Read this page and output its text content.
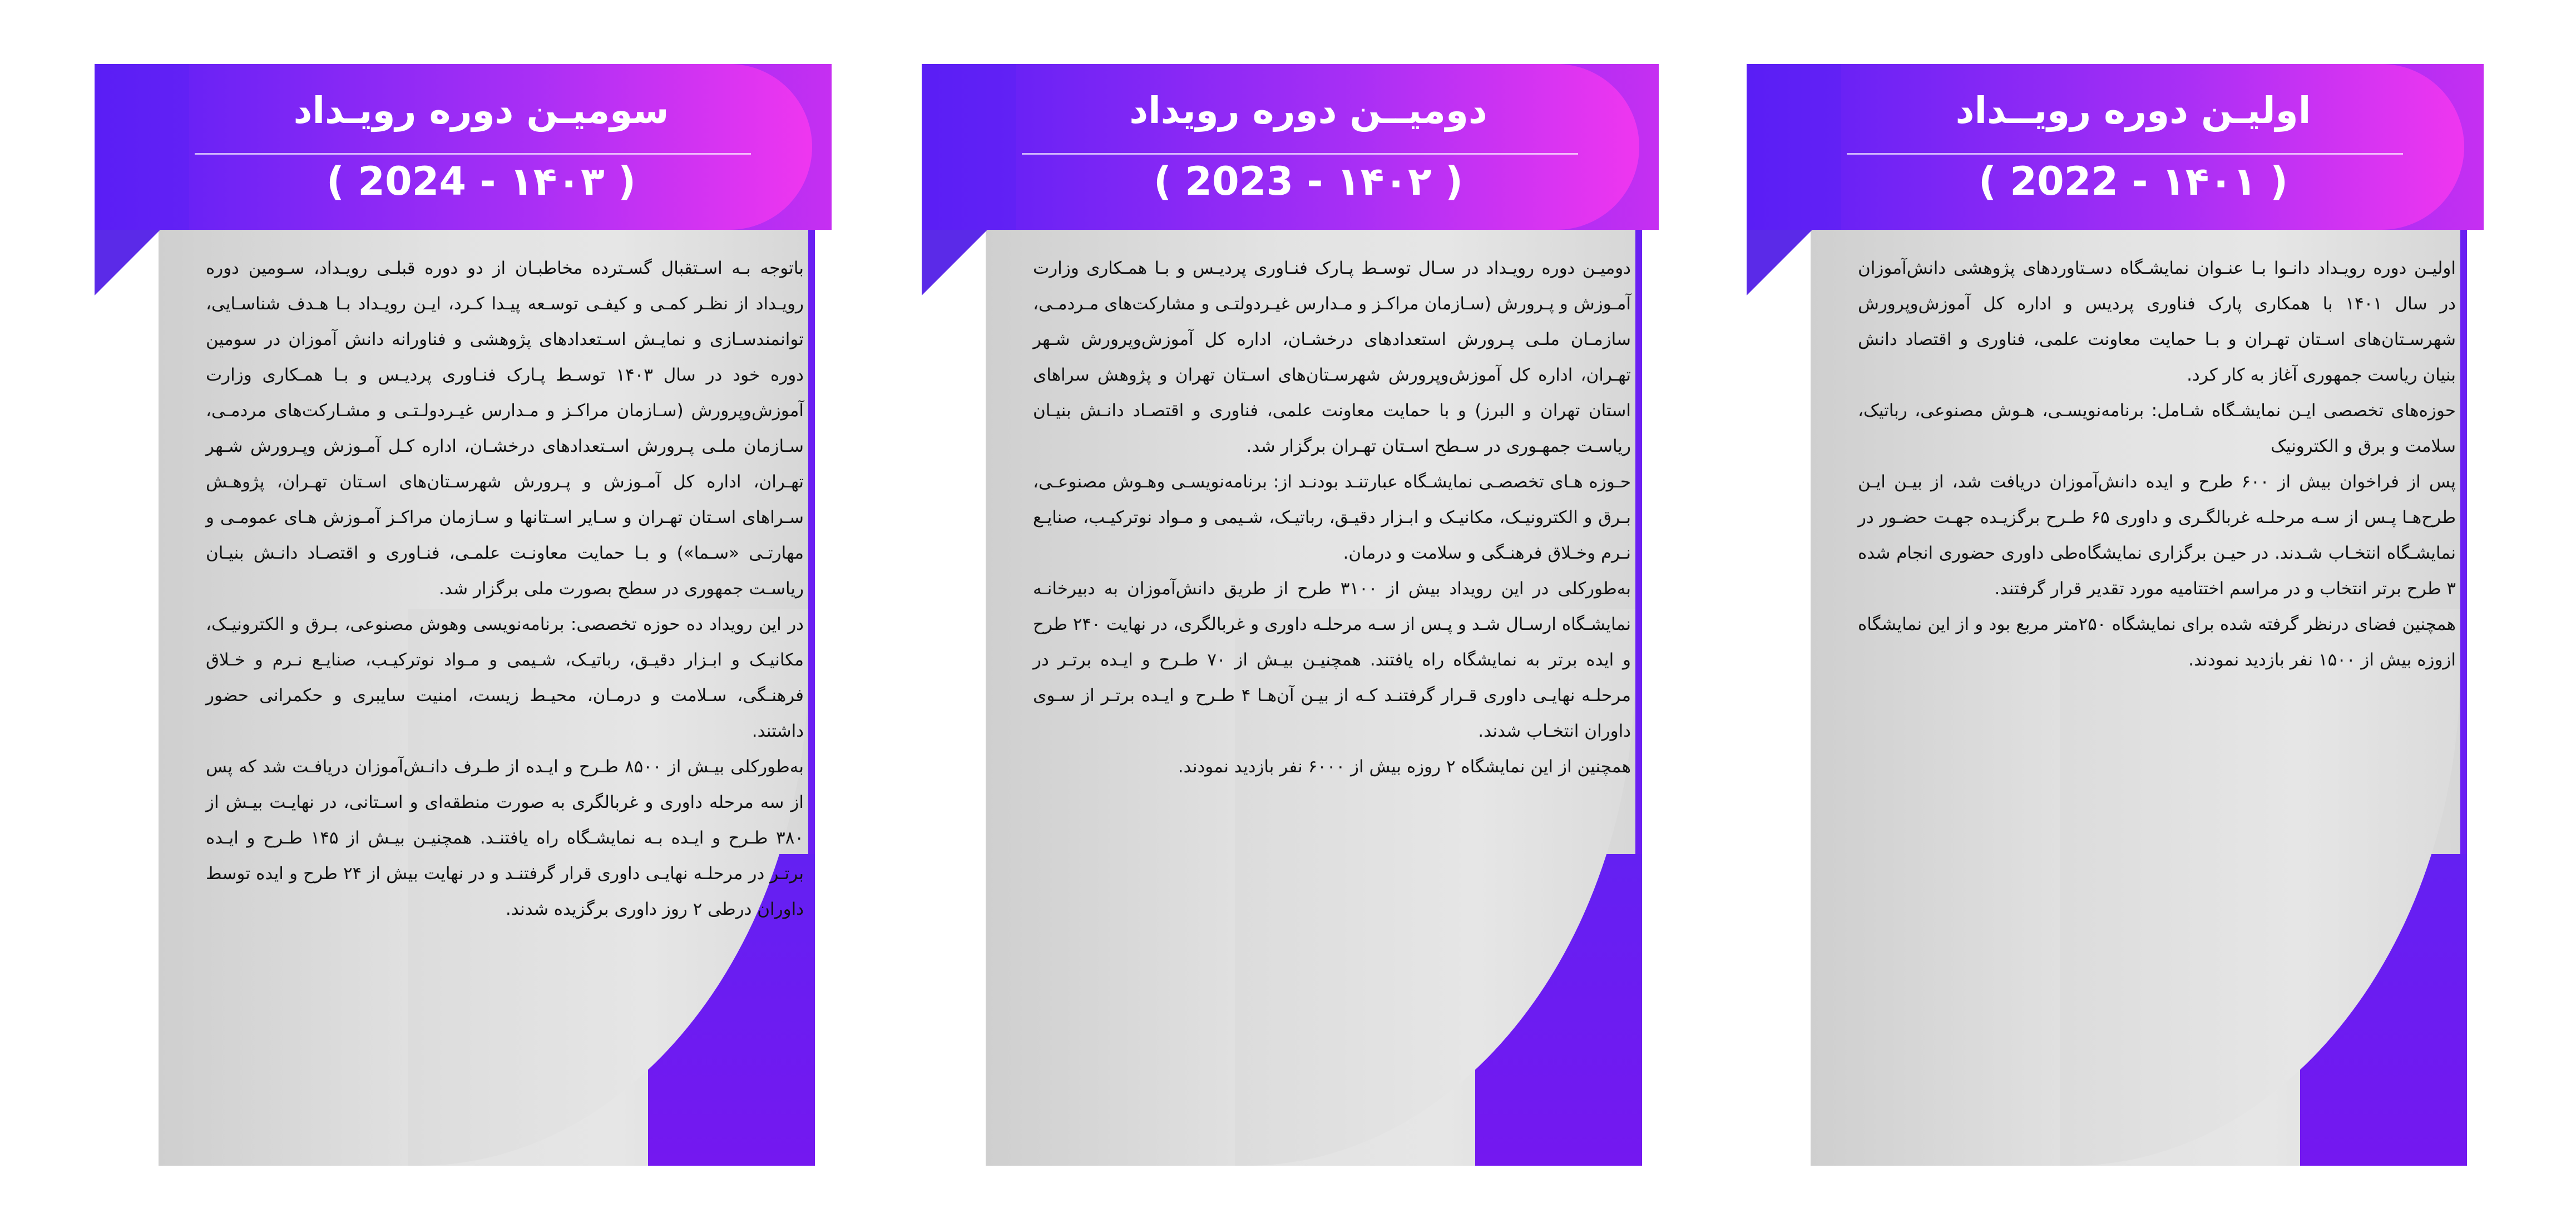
سومیـن دوره رویـداد
( 2024 - ۱۴۰۳ )

باتوجه بـه اسـتقبال گسـترده مخاطبـان از دو دوره قبلـی رویـداد، سـومین دوره رویـداد از نظـر کمـی و کیفـی توسـعه پیـدا کـرد، ایـن رویـداد بـا هـدف شناسـایی، توانمندسـازی و نمایـش اسـتعدادهای پژوهشی و فناورانه دانش آموزان در سومین دوره خود در سال ۱۴۰۳ توسـط پـارک فنـاوری پردیـس و بـا همـکاری وزارت آموزش‌وپرورش (سـازمان مراکـز و مـدارس غیـردولـتـی و مشـارکت‌های مردمـی، سـازمان ملـی پـرورش اسـتعدادهای درخشـان، اداره کـل آمـوزش وپـرورش شـهر تهـران، اداره کل آمـوزش و پـرورش شهرسـتان‌های اسـتان تهـران، پژوهـش سـراهای اسـتان تهـران و سـایر اسـتانها و سـازمان مراکـز آمـوزش هـای عمومـی و مهارتـی «سـما») و بـا حمایت معاونـت علمـی، فنـاوری و اقتصـاد دانـش بنیـان ریاسـت جمهوری در سطح بصورت ملی برگزار شد.

در این رویداد ده حوزه تخصصی: برنامه‌نویسی وهوش مصنوعی، بـرق و الکترونیـک، مکانیـک و ابـزار دقیـق، رباتیـک، شـیمی و مـواد نوترکیـب، صنایـع نـرم و خـلاق فرهنـگی، سـلامت و درمـان، محیـط زیست، امنیت سایبری و حکمرانی حضور داشتند.

به‌طورکلی بیـش از ۸۵۰۰ طـرح و ایـده از طـرف دانـش‌آموزان دریافـت شد که پس از سه مرحله داوری و غربالگری به صورت منطقه‌ای و اسـتانی، در نهایـت بیـش از ۳۸۰ طـرح و ایـده بـه نمایشـگاه راه یافتنـد. همچنیـن بیـش از ۱۴۵ طـرح و ایـده برتـر در مرحلـه نهایـی داوری قرار گرفتنـد و در نهایت بیش از ۲۴ طرح و ایده توسط داوران درطی ۲ روز داوری برگزیده شدند.

دومیــن دوره رویداد
( 2023 - ۱۴۰۲ )

دومیـن دوره رویـداد در سـال توسـط پـارک فنـاوری پردیـس و بـا همـکاری وزارت آمـوزش و پـرورش (سـازمان مراکـز و مـدارس غیـردولتـی و مشارکت‌های مـردمـی، سازمـان ملـی پـرورش استعدادهای درخشـان، اداره کل آموزش‌وپرورش شـهر تهـران، اداره کل آموزش‌وپرورش شهرسـتان‌های اسـتان تهران و پژوهش سراهای استان تهران و البرز) و با حمایت معاونت علمی، فناوری و اقتصـاد دانـش بنیـان ریاسـت جمهـوری در سـطح اسـتان تهـران برگزار شد.

حـوزه هـای تخصصـی نمایشـگاه عبارتنـد بودنـد از: برنامه‌نویسـی وهـوش مصنوعـی، بـرق و الکترونیـک، مکانیـک و ابـزار دقیـق، رباتیـک، شـیمی و مـواد نوترکیـب، صنایـع نـرم وخـلاق فرهنـگی و سلامت و درمان.

به‌طورکلی در این رویداد بیش از ۳۱۰۰ طرح از طریق دانش‌آموزان به دبیرخانـه نمایشـگاه ارسـال شـد و پـس از سـه مرحلـه داوری و غربالگری، در نهایت ۲۴۰ طرح و ایده برتر به نمایشگاه راه یافتند. همچنیـن بیـش از ۷۰ طـرح و ایـده برتـر در مرحلـه نهایـی داوری قـرار گرفتنـد کـه از بیـن آن‌هـا ۴ طـرح و ایـده برتـر از سـوی داوران انتخـاب شدند.

همچنین از این نمایشگاه ۲ روزه بیش از ۶۰۰۰ نفر بازدید نمودند.

اولیـن دوره رویــداد
( 2022 - ۱۴۰۱ )

اولیـن دوره رویـداد دانـوا بـا عنـوان نمایشـگاه دسـتاوردهای پژوهشی دانش‌آموزان در سال ۱۴۰۱ با همکاری پارک فناوری پردیس و اداره کل آموزش‌وپرورش شهرسـتان‌های اسـتان تهـران و بـا حمایت معاونت علمی، فناوری و اقتصاد دانش بنیان ریاست جمهوری آغاز به کار کرد.

حوزه‌های تخصصی ایـن نمایشـگاه شـامل: برنامه‌نویسـی، هـوش مصنوعی، رباتیک، سلامت و برق و الکترونیک

پس از فراخوان بیش از ۶۰۰ طرح و ایده دانش‌آموزان دریافت شد، از بیـن ایـن طرح‌هـا پـس از سـه مرحلـه غربالگـری و داوری ۶۵ طـرح برگزیـده جهـت حضـور در نمایشـگاه انتخـاب شـدند. در حیـن برگزاری نمایشگاه‌طی داوری حضوری انجام شده ۳ طرح برتر انتخاب و در مراسم اختتامیه مورد تقدیر قرار گرفتند.

همچنین فضای درنظر گرفته شده برای نمایشگاه ۲۵۰متر مربع بود و از این نمایشگاه ازوزه بیش از ۱۵۰۰ نفر بازدید نمودند.
